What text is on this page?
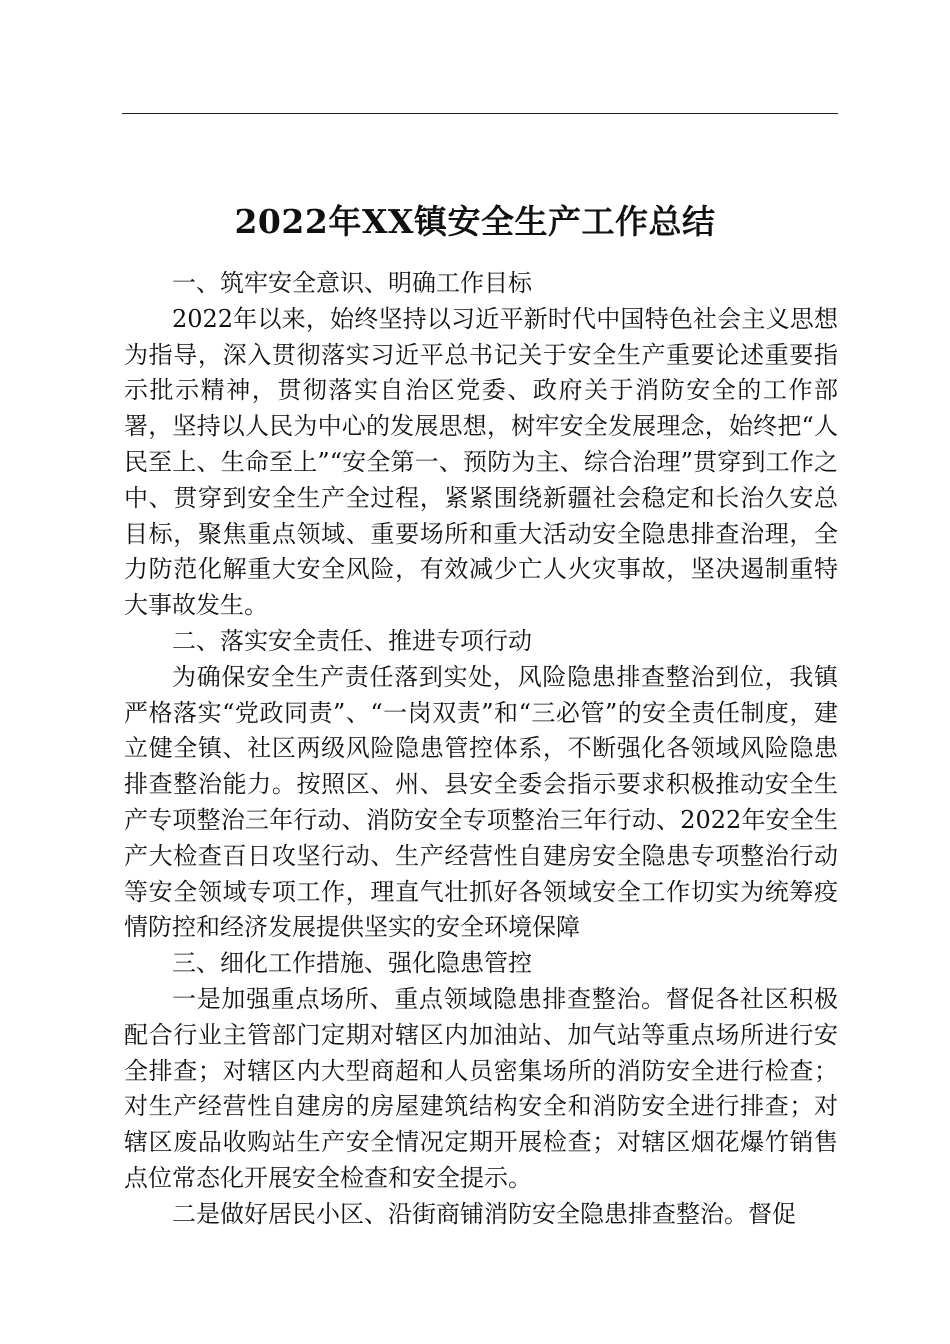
2022年XX镇安全生产工作总结

一、筑牢安全意识、明确工作目标

2022年以来，始终坚持以习近平新时代中国特色社会主义思想为指导，深入贯彻落实习近平总书记关于安全生产重要论述重要指示批示精神，贯彻落实自治区党委、政府关于消防安全的工作部署，坚持以人民为中心的发展思想，树牢安全发展理念，始终把“人民至上、生命至上”“安全第一、预防为主、综合治理”贯穿到工作之中、贯穿到安全生产全过程，紧紧围绕新疆社会稳定和长治久安总目标，聚焦重点领域、重要场所和重大活动安全隐患排查治理，全力防范化解重大安全风险，有效减少亡人火灾事故，坚决遏制重特大事故发生。

二、落实安全责任、推进专项行动

为确保安全生产责任落到实处，风险隐患排查整治到位，我镇严格落实“党政同责”、“一岗双责”和“三必管”的安全责任制度，建立健全镇、社区两级风险隐患管控体系，不断强化各领域风险隐患排查整治能力。按照区、州、县安全委会指示要求积极推动安全生产专项整治三年行动、消防安全专项整治三年行动、2022年安全生产大检查百日攻坚行动、生产经营性自建房安全隐患专项整治行动等安全领域专项工作，理直气壮抓好各领域安全工作切实为统筹疫情防控和经济发展提供坚实的安全环境保障

三、细化工作措施、强化隐患管控

一是加强重点场所、重点领域隐患排查整治。督促各社区积极配合行业主管部门定期对辖区内加油站、加气站等重点场所进行安全排查；对辖区内大型商超和人员密集场所的消防安全进行检查；对生产经营性自建房的房屋建筑结构安全和消防安全进行排查；对辖区废品收购站生产安全情况定期开展检查；对辖区烟花爆竹销售点位常态化开展安全检查和安全提示。

二是做好居民小区、沿街商铺消防安全隐患排查整治。督促
